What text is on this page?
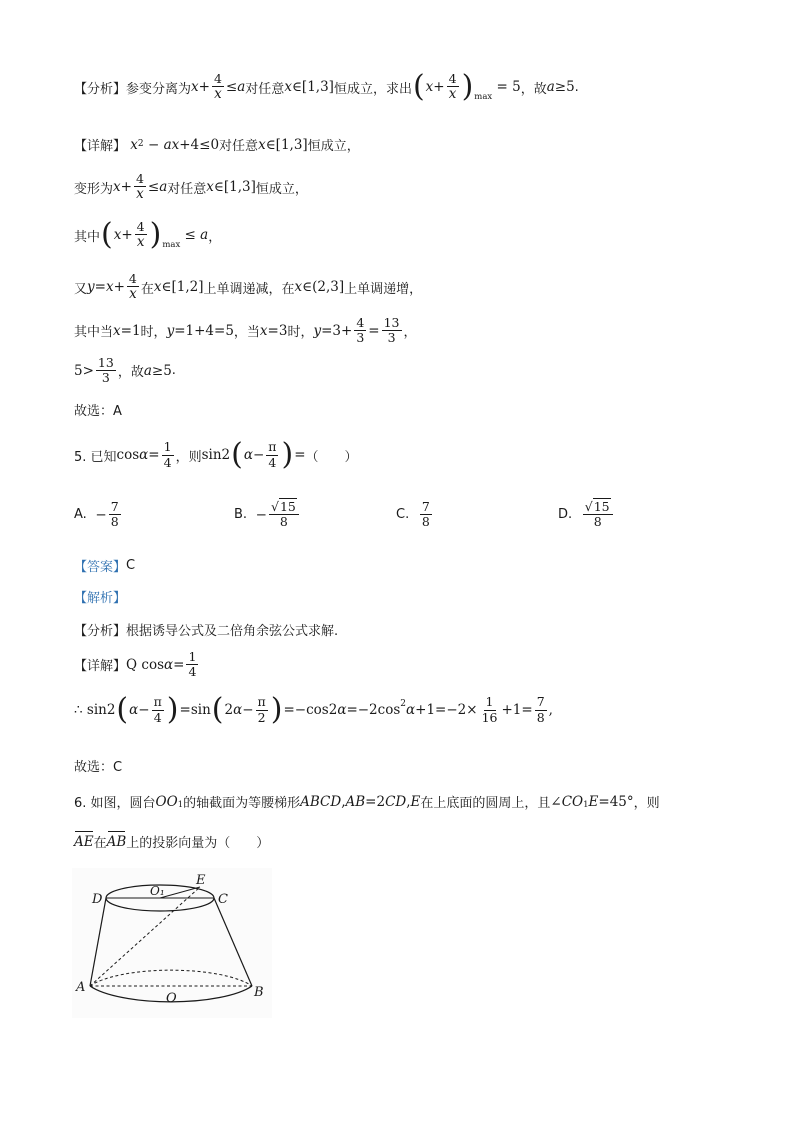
【分析】 参变分离为 $x + \frac{4}{x} \le a$ 对任意 x ∈[1,3] 恒成立，求出 ( $x + \frac{4}{x}$ ) max
= 5 ，故 a ≥5 .
【详解】 x 2 − ax +4≤0 对任意 x ∈[1,3] 恒成立，
变形为 $x + \frac{4}{x} \le a$ 对任意 x ∈[1,3] 恒成立，
其中 ( $x + \frac{4}{x}$ ) max
≤ a ，
又 $y = x + \frac{4}{x}$ 在 x ∈[1,2] 上单调递减，在 x ∈(2,3] 上单调递增，
其中当 x =1 时， y =1+4=5 ，当 x =3 时， $y =3+ \frac{4}{3} = \frac{13}{3}$ ，
$5> \frac{13}{3}$ ，故 a ≥5 .
故选：A
5. 已知 $\cos \alpha = \frac{1}{4}$ ，则 sin2 ( $\alpha - \frac{\pi}{4}$ ) = （　　）
A. − $\frac{7}{8}$	B. − $\frac{√15}{8}$	C.
$\frac{7}{8}$	D.
$\frac{√15}{8}$
【答案】 C
【解析】
【分析】 根据诱导公式及二倍角余弦公式求解.
【详解】 Q $\cos \alpha = \frac{1}{4}$
∴ sin2 ( $\alpha - \frac{\pi}{4}$ ) =sin ( 2 $\alpha - \frac{\pi}{2}$ ) =−cos2 α =−2cos 2 $\alpha +1=-2\times \frac{1}{16} +1= \frac{7}{8}$ ,
故选：C
6. 如图，圆台 OO 1 的轴截面为等腰梯形 ABCD , AB =2 CD , E 在上底面的圆周上，且 ∠ CO 1 E =45° ，则
AE 在 AB 上的投影向量为（　　）
D
O₁
E
C
A
O	B
